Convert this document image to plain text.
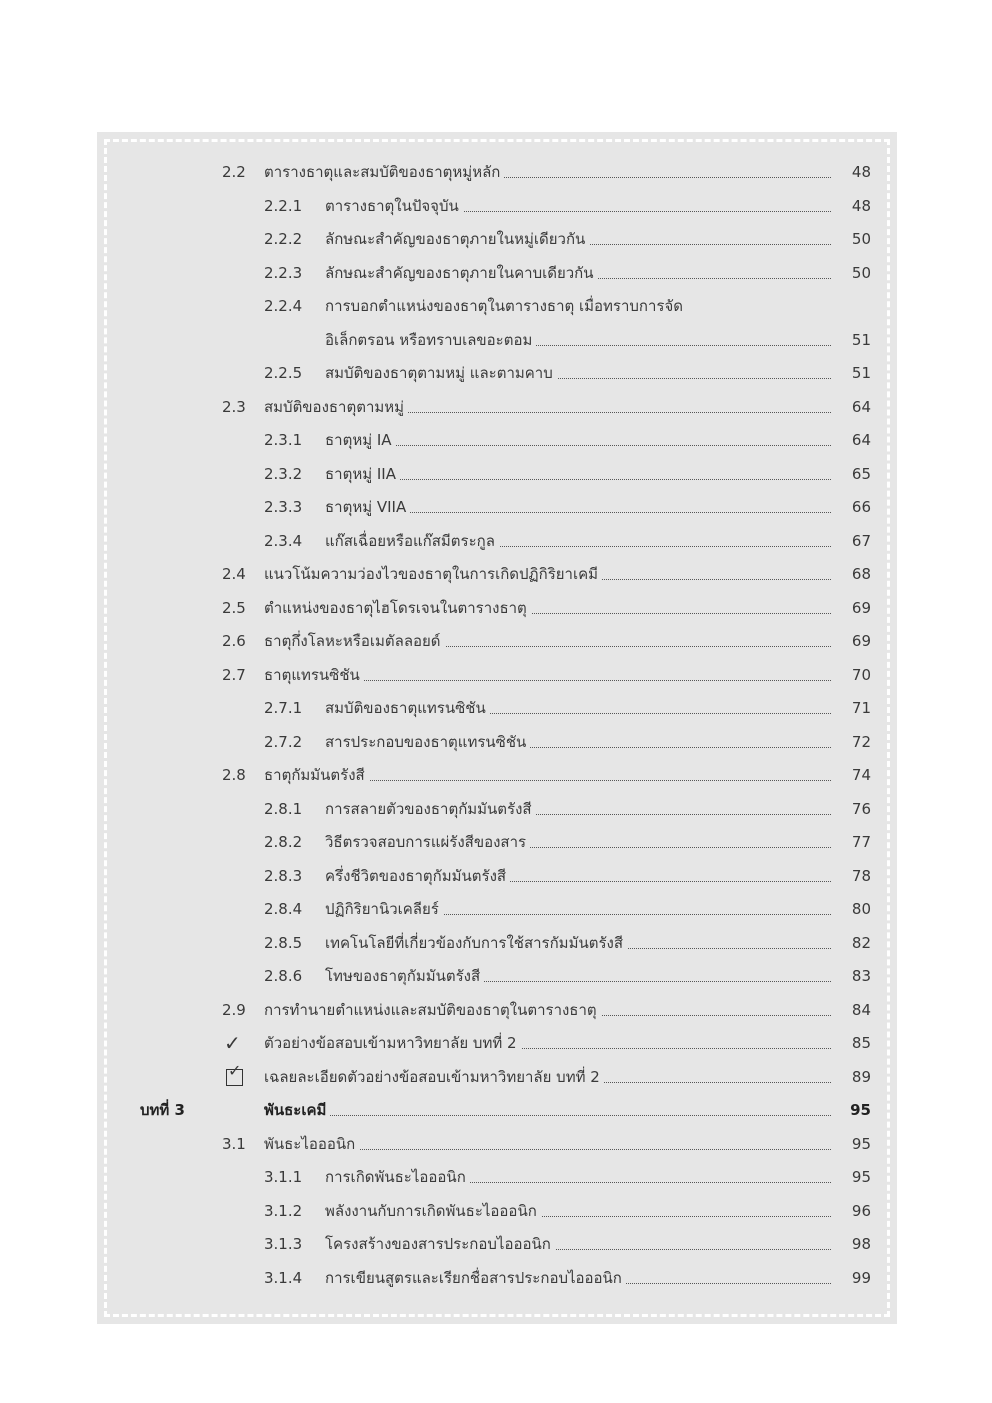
2.2 ตารางธาตุและสมบัติของธาตุหมู่หลัก	48
2.2.1 ตารางธาตุในปัจจุบัน	48
2.2.2 ลักษณะสำคัญของธาตุภายในหมู่เดียวกัน	50
2.2.3 ลักษณะสำคัญของธาตุภายในคาบเดียวกัน	50
2.2.4 การบอกตำแหน่งของธาตุในตารางธาตุ เมื่อทราบการจัด
อิเล็กตรอน หรือทราบเลขอะตอม	51
2.2.5 สมบัติของธาตุตามหมู่ และตามคาบ	51
2.3 สมบัติของธาตุตามหมู่	64
2.3.1 ธาตุหมู่ IA	64
2.3.2 ธาตุหมู่ IIA	65
2.3.3 ธาตุหมู่ VIIA	66
2.3.4 แก๊สเฉื่อยหรือแก๊สมีตระกูล	67
2.4 แนวโน้มความว่องไวของธาตุในการเกิดปฏิกิริยาเคมี	68
2.5 ตำแหน่งของธาตุไฮโดรเจนในตารางธาตุ	69
2.6 ธาตุกึ่งโลหะหรือเมตัลลอยด์	69
2.7 ธาตุแทรนซิชัน	70
2.7.1 สมบัติของธาตุแทรนซิชัน	71
2.7.2 สารประกอบของธาตุแทรนซิชัน	72
2.8 ธาตุกัมมันตรังสี	74
2.8.1 การสลายตัวของธาตุกัมมันตรังสี	76
2.8.2 วิธีตรวจสอบการแผ่รังสีของสาร	77
2.8.3 ครึ่งชีวิตของธาตุกัมมันตรังสี	78
2.8.4 ปฏิกิริยานิวเคลียร์	80
2.8.5 เทคโนโลยีที่เกี่ยวข้องกับการใช้สารกัมมันตรังสี	82
2.8.6 โทษของธาตุกัมมันตรังสี	83
2.9 การทำนายตำแหน่งและสมบัติของธาตุในตารางธาตุ	84
✓ ตัวอย่างข้อสอบเข้ามหาวิทยาลัย บทที่ 2	85
✓ เฉลยละเอียดตัวอย่างข้อสอบเข้ามหาวิทยาลัย บทที่ 2	89
บทที่ 3	พันธะเคมี	95
3.1 พันธะไอออนิก	95
3.1.1 การเกิดพันธะไอออนิก	95
3.1.2 พลังงานกับการเกิดพันธะไอออนิก	96
3.1.3 โครงสร้างของสารประกอบไอออนิก	98
3.1.4 การเขียนสูตรและเรียกชื่อสารประกอบไอออนิก	99
